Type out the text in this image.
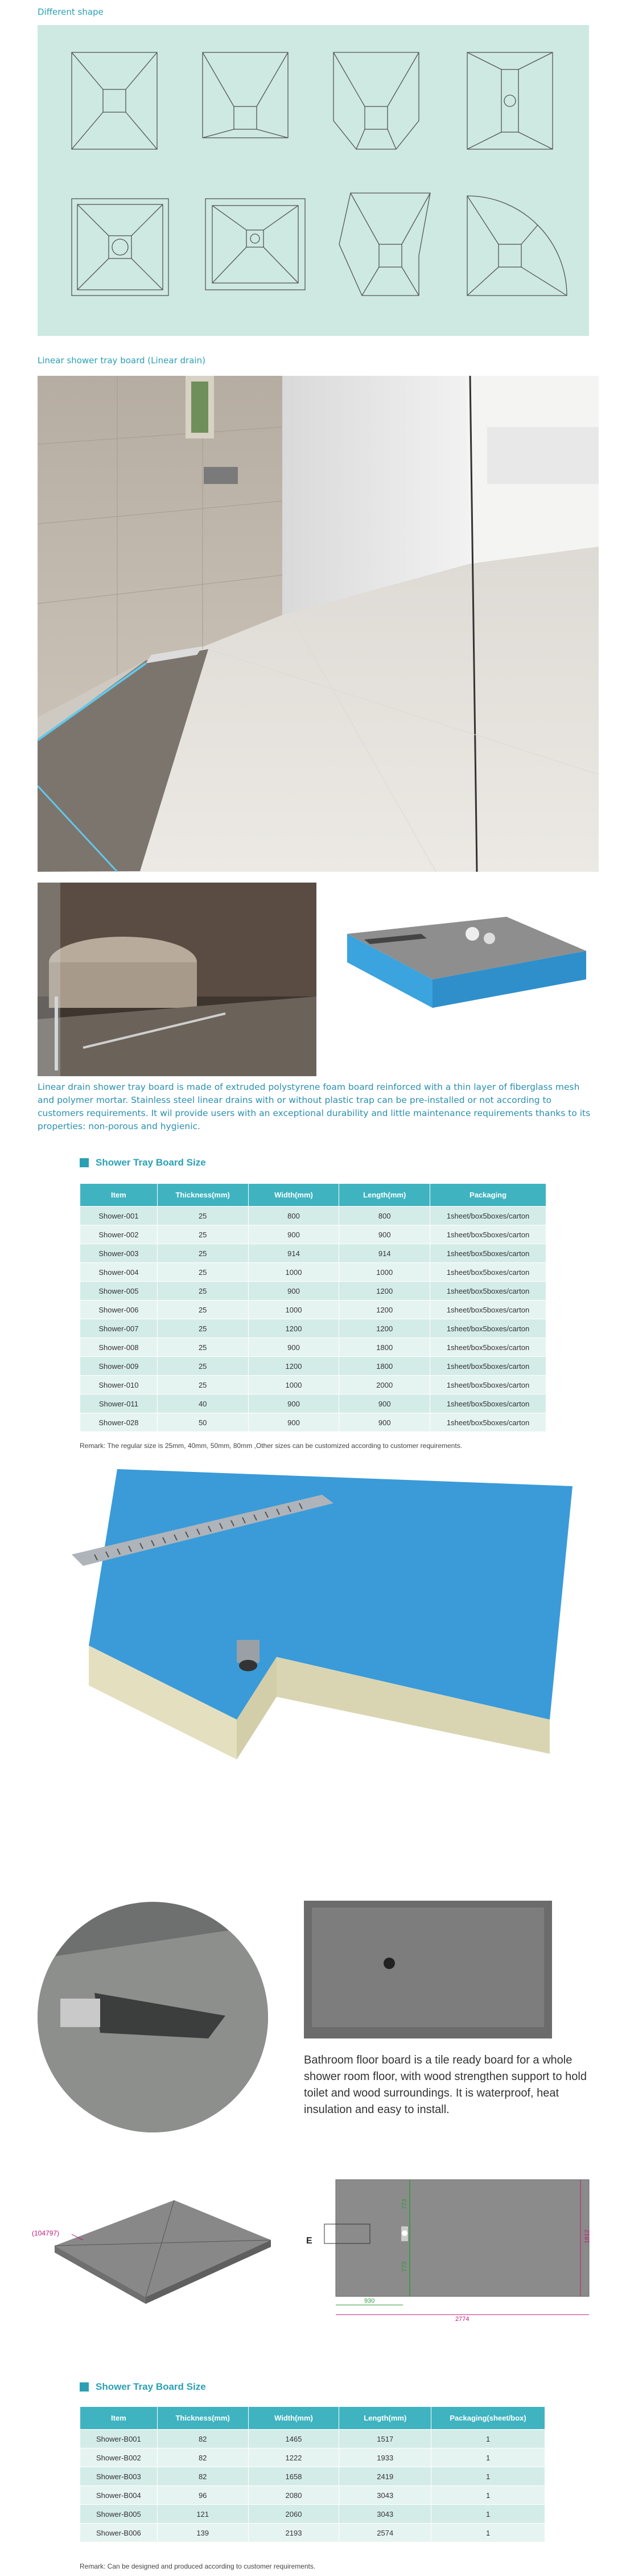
Different shape
Linear shower tray board (Linear drain)
Linear drain shower tray board is made of extruded polystyrene foam board reinforced with a thin layer of fiberglass mesh and polymer mortar. Stainless steel linear drains with or without plastic trap can be pre-installed or not according to customers requirements. It wil provide users with an exceptional durability and little maintenance requirements thanks to its properties: non-porous and hygienic.
Shower Tray Board Size
Item	Thickness(mm)	Width(mm)	Length(mm)	Packaging
Shower-001	25	800	800	1sheet/box5boxes/carton
Shower-002	25	900	900	1sheet/box5boxes/carton
Shower-003	25	914	914	1sheet/box5boxes/carton
Shower-004	25	1000	1000	1sheet/box5boxes/carton
Shower-005	25	900	1200	1sheet/box5boxes/carton
Shower-006	25	1000	1200	1sheet/box5boxes/carton
Shower-007	25	1200	1200	1sheet/box5boxes/carton
Shower-008	25	900	1800	1sheet/box5boxes/carton
Shower-009	25	1200	1800	1sheet/box5boxes/carton
Shower-010	25	1000	2000	1sheet/box5boxes/carton
Shower-011	40	900	900	1sheet/box5boxes/carton
Shower-028	50	900	900	1sheet/box5boxes/carton
Remark: The regular size is 25mm, 40mm, 50mm, 80mm ,Other sizes can be customized according to customer requirements.
Bathroom floor board is a tile ready board for a whole shower room floor, with wood strengthen support to hold toilet and wood surroundings. It is waterproof, heat insulation and easy to install.
(104797)
E
773
773
930
2774
1812
Shower Tray Board Size
Item	Thickness(mm)	Width(mm)	Length(mm)	Packaging(sheet/box)
Shower-B001	82	1465	1517	1
Shower-B002	82	1222	1933	1
Shower-B003	82	1658	2419	1
Shower-B004	96	2080	3043	1
Shower-B005	121	2060	3043	1
Shower-B006	139	2193	2574	1
Remark: Can be designed and produced according to customer requirements.
